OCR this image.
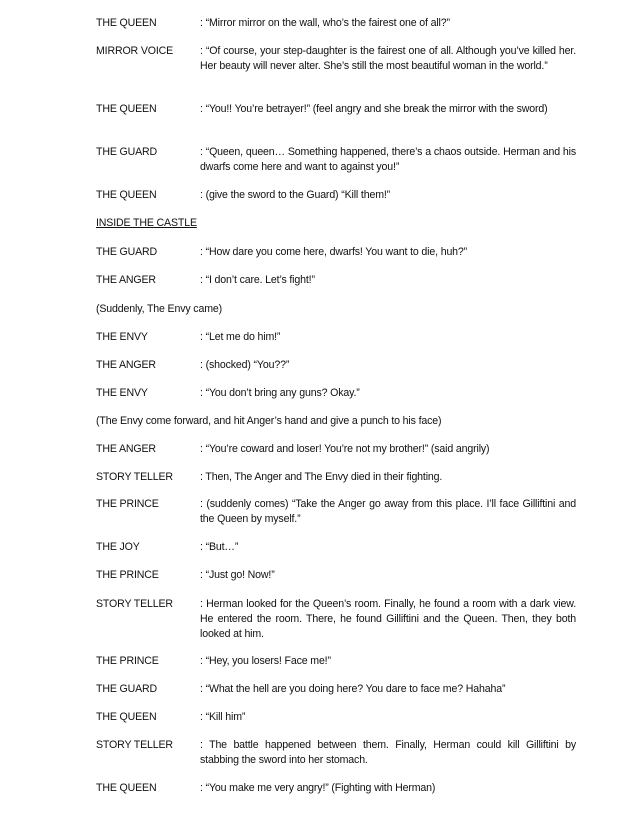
THE QUEEN	: “Mirror mirror on the wall, who’s the fairest one of all?”
MIRROR VOICE	: “Of course, your step-daughter is the fairest one of all. Although you’ve killed her. Her beauty will never alter. She’s still the most beautiful woman in the world.”
THE QUEEN	: “You!! You’re betrayer!” (feel angry and she break the mirror with the sword)
THE GUARD	: “Queen, queen… Something happened, there’s a chaos outside. Herman and his dwarfs come here and want to against you!”
THE QUEEN	: (give the sword to the Guard) “Kill them!”
INSIDE THE CASTLE
THE GUARD	: “How dare you come here, dwarfs! You want to die, huh?”
THE ANGER	: “I don’t care. Let’s fight!”
(Suddenly, The Envy came)
THE ENVY	: “Let me do him!”
THE ANGER	: (shocked) “You??”
THE ENVY	: “You don’t bring any guns? Okay.”
(The Envy come forward, and hit Anger’s hand and give a punch to his face)
THE ANGER	: “You’re coward and loser! You’re not my brother!” (said angrily)
STORY TELLER	: Then, The Anger and The Envy died in their fighting.
THE PRINCE	: (suddenly comes) “Take the Anger go away from this place. I’ll face Gilliftini and the Queen by myself.”
THE JOY	: “But…”
THE PRINCE	: “Just go! Now!”
STORY TELLER	: Herman looked for the Queen’s room. Finally, he found a room with a dark view. He entered the room. There, he found Gilliftini and the Queen. Then, they both looked at him.
THE PRINCE	: “Hey, you losers! Face me!”
THE GUARD	: “What the hell are you doing here? You dare to face me? Hahaha”
THE QUEEN	: “Kill him”
STORY TELLER	: The battle happened between them. Finally, Herman could kill Gilliftini by stabbing the sword into her stomach.
THE QUEEN	: “You make me very angry!” (Fighting with Herman)
